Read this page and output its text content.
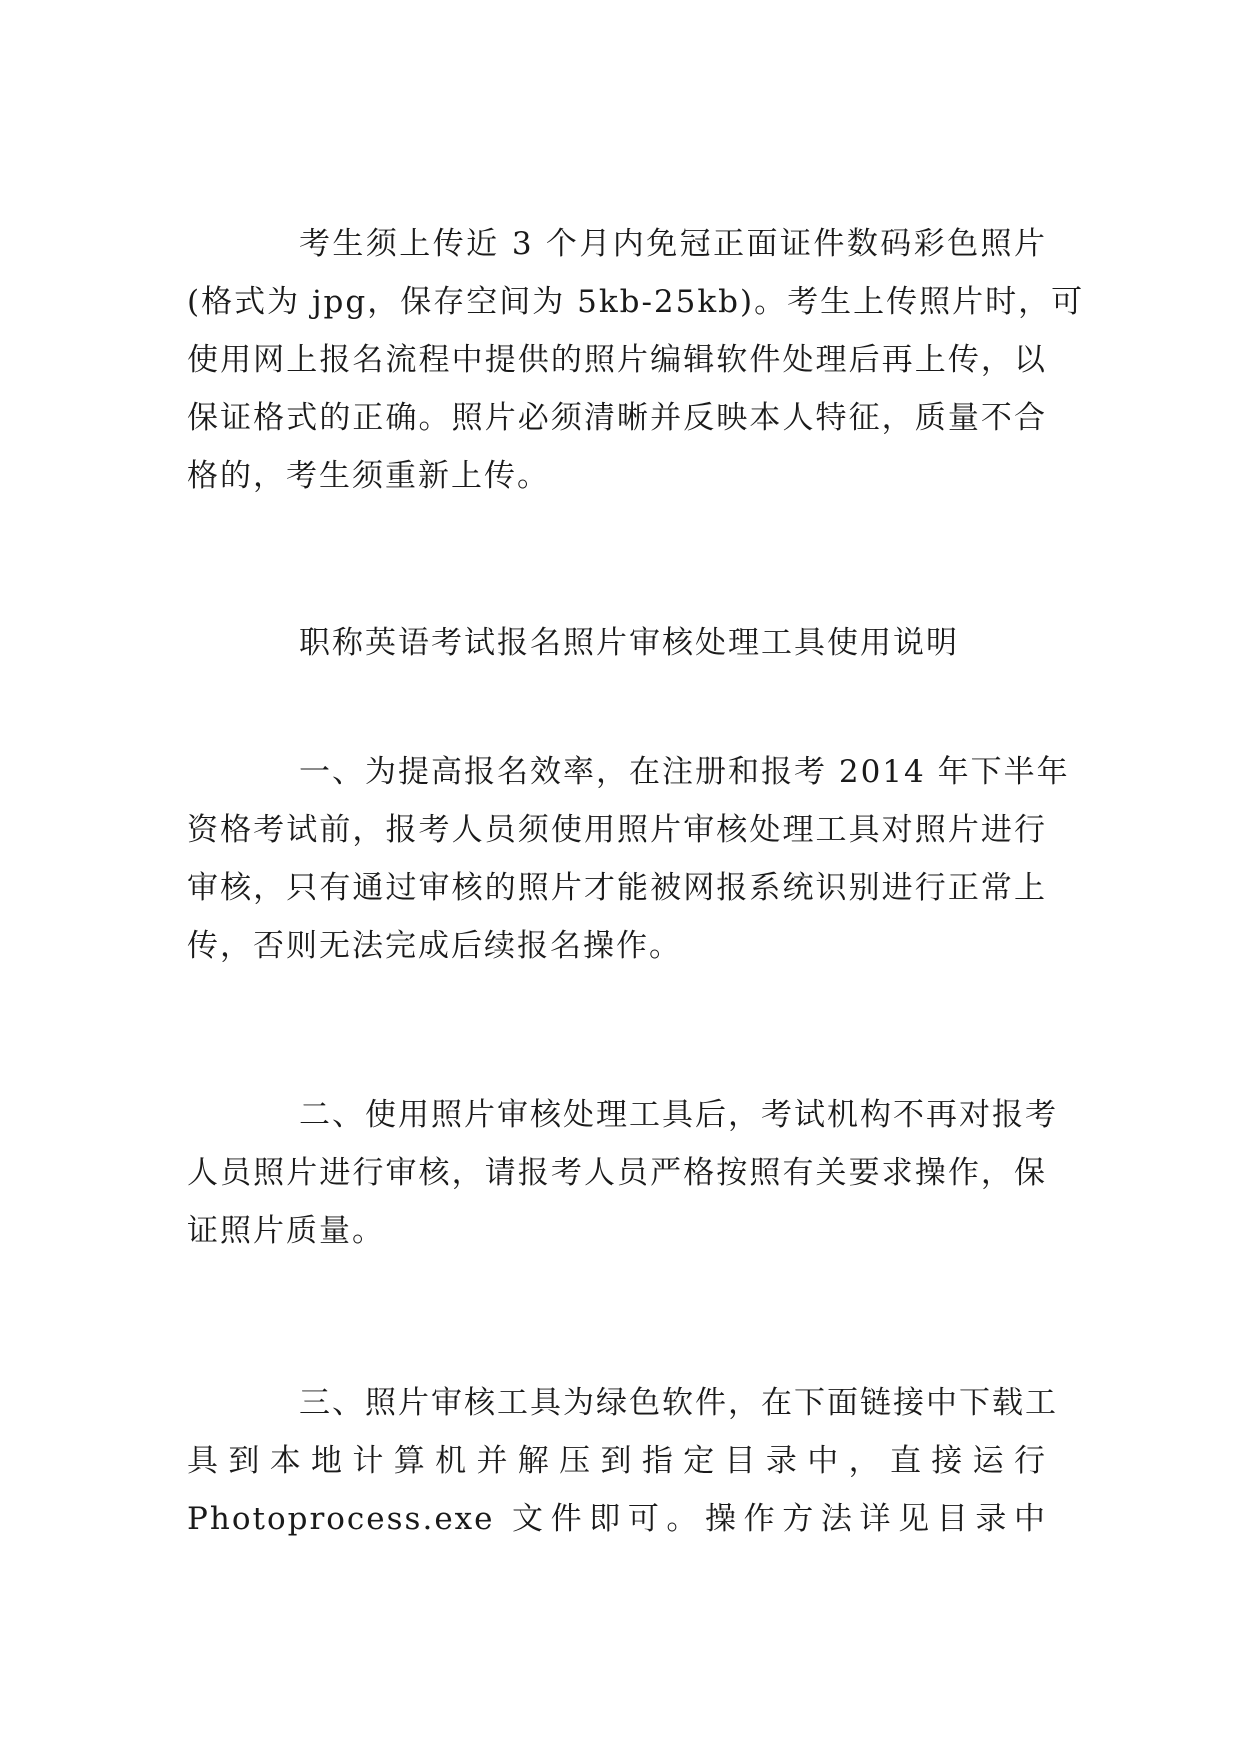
考生须上传近 3 个月内免冠正面证件数码彩色照片
(格式为 jpg，保存空间为 5kb-25kb)。考生上传照片时，可
使用网上报名流程中提供的照片编辑软件处理后再上传，以
保证格式的正确。照片必须清晰并反映本人特征，质量不合
格的，考生须重新上传。
职称英语考试报名照片审核处理工具使用说明
一、为提高报名效率，在注册和报考 2014 年下半年
资格考试前，报考人员须使用照片审核处理工具对照片进行
审核，只有通过审核的照片才能被网报系统识别进行正常上
传，否则无法完成后续报名操作。
二、使用照片审核处理工具后，考试机构不再对报考
人员照片进行审核，请报考人员严格按照有关要求操作，保
证照片质量。
三、照片审核工具为绿色软件，在下面链接中下载工
具到本地计算机并解压到指定目录中，直接运行
Photoprocess.exe 文件即可。操作方法详见目录中
